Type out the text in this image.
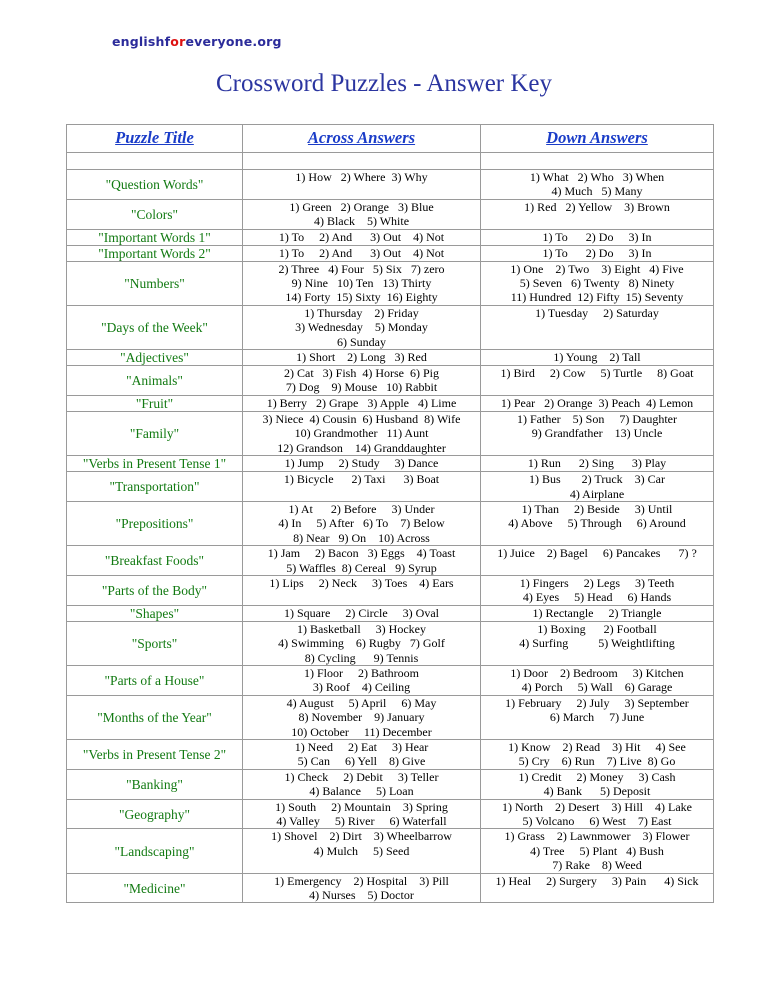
englishforeveryone.org
Crossword Puzzles - Answer Key
Puzzle Title	Across Answers	Down Answers

"Question Words"	1) How   2) Where  3) Why	1) What   2) Who   3) When
4) Much   5) Many

"Colors"	1) Green   2) Orange   3) Blue
4) Black    5) White	1) Red   2) Yellow    3) Brown

"Important Words 1"	1) To     2) And      3) Out    4) Not	1) To      2) Do     3) In

"Important Words 2"	1) To     2) And      3) Out    4) Not	1) To      2) Do     3) In

"Numbers"	2) Three   4) Four   5) Six   7) zero
9) Nine   10) Ten   13) Thirty
14) Forty  15) Sixty  16) Eighty	1) One    2) Two    3) Eight   4) Five
5) Seven   6) Twenty   8) Ninety
11) Hundred  12) Fifty  15) Seventy

"Days of the Week"	1) Thursday    2) Friday
3) Wednesday    5) Monday
6) Sunday	1) Tuesday     2) Saturday

"Adjectives"	1) Short    2) Long   3) Red	1) Young    2) Tall

"Animals"	2) Cat   3) Fish  4) Horse  6) Pig
7) Dog    9) Mouse   10) Rabbit	1) Bird     2) Cow     5) Turtle     8) Goat

"Fruit"	1) Berry   2) Grape   3) Apple   4) Lime	1) Pear   2) Orange  3) Peach  4) Lemon

"Family"	3) Niece  4) Cousin  6) Husband  8) Wife
10) Grandmother   11) Aunt
12) Grandson    14) Granddaughter	1) Father    5) Son     7) Daughter
9) Grandfather    13) Uncle

"Verbs in Present Tense 1"	1) Jump     2) Study     3) Dance	1) Run      2) Sing      3) Play

"Transportation"	1) Bicycle      2) Taxi      3) Boat	1) Bus       2) Truck    3) Car
4) Airplane

"Prepositions"	1) At      2) Before     3) Under
4) In     5) After   6) To    7) Below
8) Near   9) On    10) Across	1) Than     2) Beside     3) Until
4) Above     5) Through     6) Around

"Breakfast Foods"	1) Jam     2) Bacon   3) Eggs    4) Toast
5) Waffles  8) Cereal   9) Syrup	1) Juice    2) Bagel     6) Pancakes      7) ?

"Parts of the Body"	1) Lips     2) Neck     3) Toes    4) Ears	1) Fingers     2) Legs     3) Teeth
4) Eyes     5) Head     6) Hands

"Shapes"	1) Square     2) Circle     3) Oval	1) Rectangle     2) Triangle

"Sports"	1) Basketball     3) Hockey
4) Swimming    6) Rugby   7) Golf
8) Cycling      9) Tennis	1) Boxing      2) Football
4) Surfing          5) Weightlifting

"Parts of a House"	1) Floor     2) Bathroom
3) Roof    4) Ceiling	1) Door    2) Bedroom     3) Kitchen
4) Porch     5) Wall    6) Garage

"Months of the Year"	4) August     5) April     6) May
8) November    9) January
10) October     11) December	1) February     2) July     3) September
6) March     7) June

"Verbs in Present Tense 2"	1) Need     2) Eat     3) Hear
5) Can     6) Yell    8) Give	1) Know    2) Read    3) Hit     4) See
5) Cry    6) Run    7) Live  8) Go

"Banking"	1) Check     2) Debit     3) Teller
4) Balance     5) Loan	1) Credit     2) Money     3) Cash
4) Bank      5) Deposit

"Geography"	1) South     2) Mountain    3) Spring
4) Valley     5) River     6) Waterfall	1) North    2) Desert    3) Hill    4) Lake
5) Volcano     6) West    7) East

"Landscaping"	1) Shovel    2) Dirt    3) Wheelbarrow
4) Mulch     5) Seed	1) Grass    2) Lawnmower    3) Flower
4) Tree     5) Plant   4) Bush
7) Rake    8) Weed

"Medicine"	1) Emergency    2) Hospital    3) Pill
4) Nurses    5) Doctor	1) Heal     2) Surgery     3) Pain      4) Sick
